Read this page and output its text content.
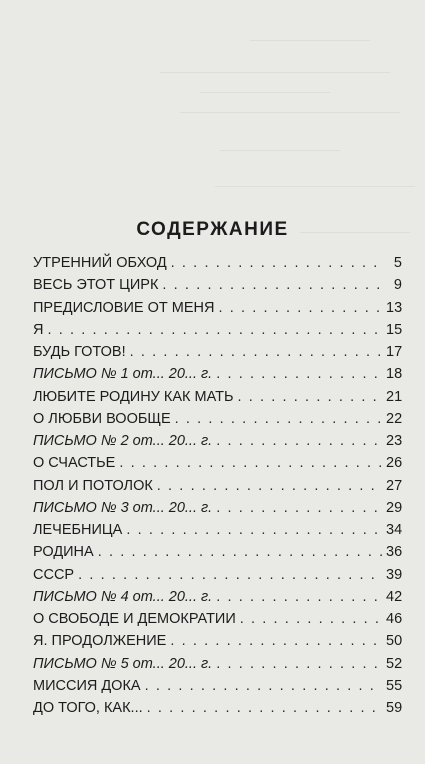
СОДЕРЖАНИЕ
УТРЕННИЙ ОБХОД . . .	5
ВЕСЬ ЭТОТ ЦИРК . . .	9
ПРЕДИСЛОВИЕ ОТ МЕНЯ . . .	13
Я . . .	15
БУДЬ ГОТОВ! . . .	17
ПИСЬМО № 1 от... 20... г. . . .	18
ЛЮБИТЕ РОДИНУ КАК МАТЬ . . .	21
О ЛЮБВИ ВООБЩЕ . . .	22
ПИСЬМО № 2 от... 20... г. . . .	23
О СЧАСТЬЕ . . .	26
ПОЛ И ПОТОЛОК . . .	27
ПИСЬМО № 3 от... 20... г. . . .	29
ЛЕЧЕБНИЦА . . .	34
РОДИНА . . .	36
СССР . . .	39
ПИСЬМО № 4 от... 20... г. . . .	42
О СВОБОДЕ И ДЕМОКРАТИИ . . .	46
Я. ПРОДОЛЖЕНИЕ . . .	50
ПИСЬМО № 5 от... 20... г. . . .	52
МИССИЯ ДОКА . . .	55
ДО ТОГО, КАК... . . .	59
